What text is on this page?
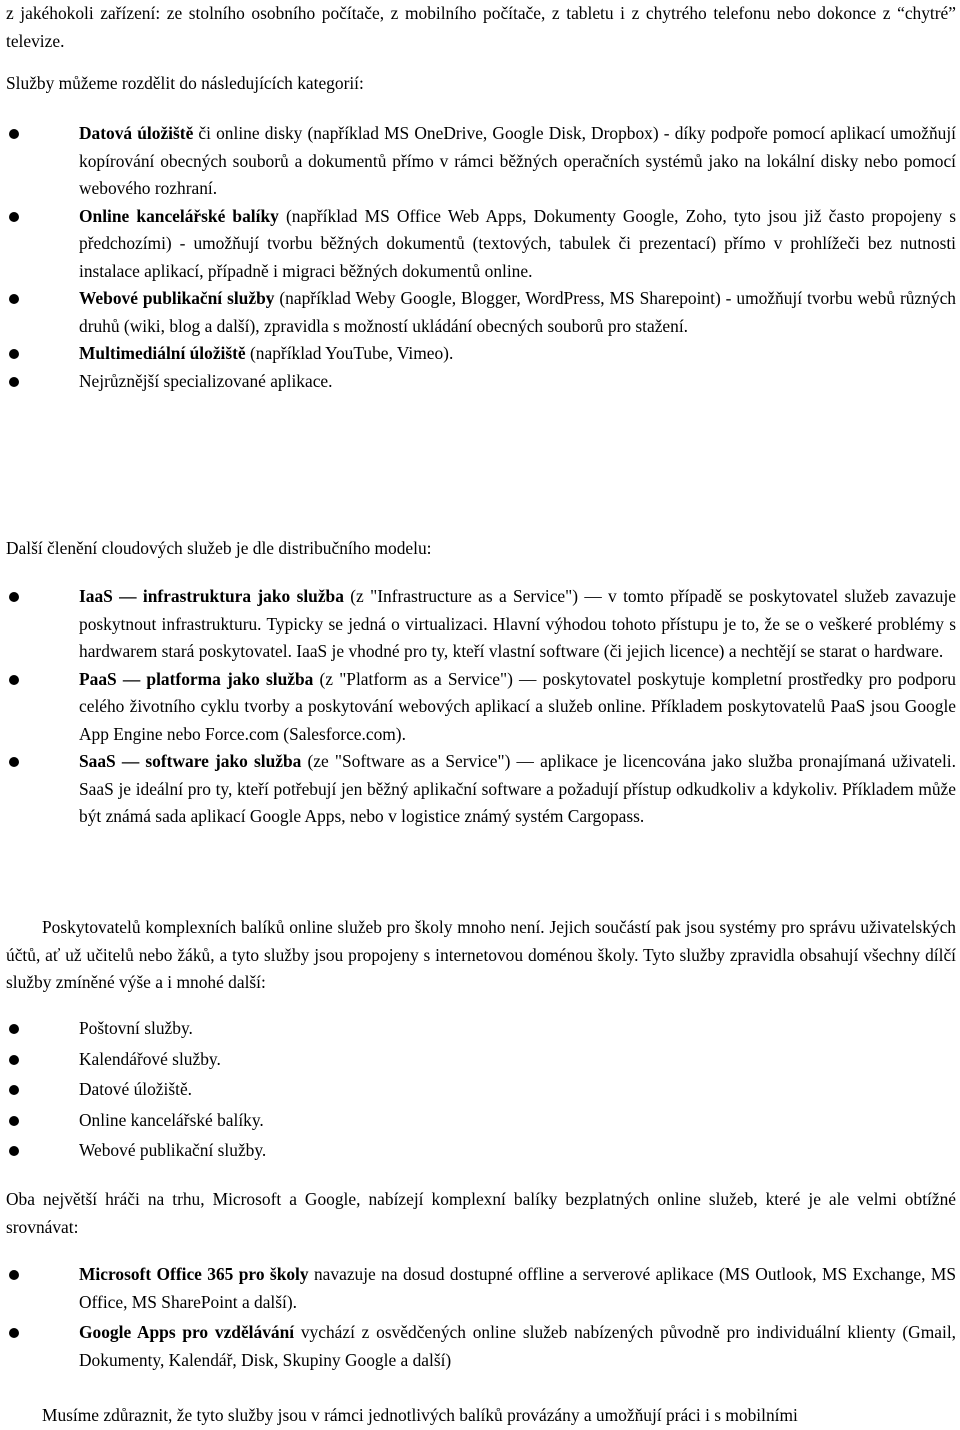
z jakéhokoli zařízení: ze stolního osobního počítače, z mobilního počítače, z tabletu i z chytrého telefonu nebo dokonce z “chytré” televize.

Služby můžeme rozdělit do následujících kategorií:

Datová úložiště či online disky (například MS OneDrive, Google Disk, Dropbox) - díky podpoře pomocí aplikací umožňují kopírování obecných souborů a dokumentů přímo v rámci běžných operačních systémů jako na lokální disky nebo pomocí webového rozhraní.
Online kancelářské balíky (například MS Office Web Apps, Dokumenty Google, Zoho, tyto jsou již často propojeny s předchozími) - umožňují tvorbu běžných dokumentů (textových, tabulek či prezentací) přímo v prohlížeči bez nutnosti instalace aplikací, případně i migraci běžných dokumentů online.
Webové publikační služby (například Weby Google, Blogger, WordPress, MS Sharepoint) - umožňují tvorbu webů různých druhů (wiki, blog a další), zpravidla s možností ukládání obecných souborů pro stažení.
Multimediální úložiště (například YouTube, Vimeo).
Nejrůznější specializované aplikace.

Další členění cloudových služeb je dle distribučního modelu:

IaaS — infrastruktura jako služba (z "Infrastructure as a Service") — v tomto případě se poskytovatel služeb zavazuje poskytnout infrastrukturu. Typicky se jedná o virtualizaci. Hlavní výhodou tohoto přístupu je to, že se o veškeré problémy s hardwarem stará poskytovatel. IaaS je vhodné pro ty, kteří vlastní software (či jejich licence) a nechtějí se starat o hardware.
PaaS — platforma jako služba (z "Platform as a Service") — poskytovatel poskytuje kompletní prostředky pro podporu celého životního cyklu tvorby a poskytování webových aplikací a služeb online. Příkladem poskytovatelů PaaS jsou Google App Engine nebo Force.com (Salesforce.com).
SaaS — software jako služba (ze "Software as a Service") — aplikace je licencována jako služba pronajímaná uživateli. SaaS je ideální pro ty, kteří potřebují jen běžný aplikační software a požadují přístup odkudkoliv a kdykoliv. Příkladem může být známá sada aplikací Google Apps, nebo v logistice známý systém Cargopass.

Poskytovatelů komplexních balíků online služeb pro školy mnoho není. Jejich součástí pak jsou systémy pro správu uživatelských účtů, ať už učitelů nebo žáků, a tyto služby jsou propojeny s internetovou doménou školy. Tyto služby zpravidla obsahují všechny dílčí služby zmíněné výše a i mnohé další:

Poštovní služby.
Kalendářové služby.
Datové úložiště.
Online kancelářské balíky.
Webové publikační služby.

Oba největší hráči na trhu, Microsoft a Google, nabízejí komplexní balíky bezplatných online služeb, které je ale velmi obtížné srovnávat:

Microsoft Office 365 pro školy navazuje na dosud dostupné offline a serverové aplikace (MS Outlook, MS Exchange, MS Office, MS SharePoint a další).
Google Apps pro vzdělávání vychází z osvědčených online služeb nabízených původně pro individuální klienty (Gmail, Dokumenty, Kalendář, Disk, Skupiny Google a další)

Musíme zdůraznit, že tyto služby jsou v rámci jednotlivých balíků provázány a umožňují práci i s mobilními
